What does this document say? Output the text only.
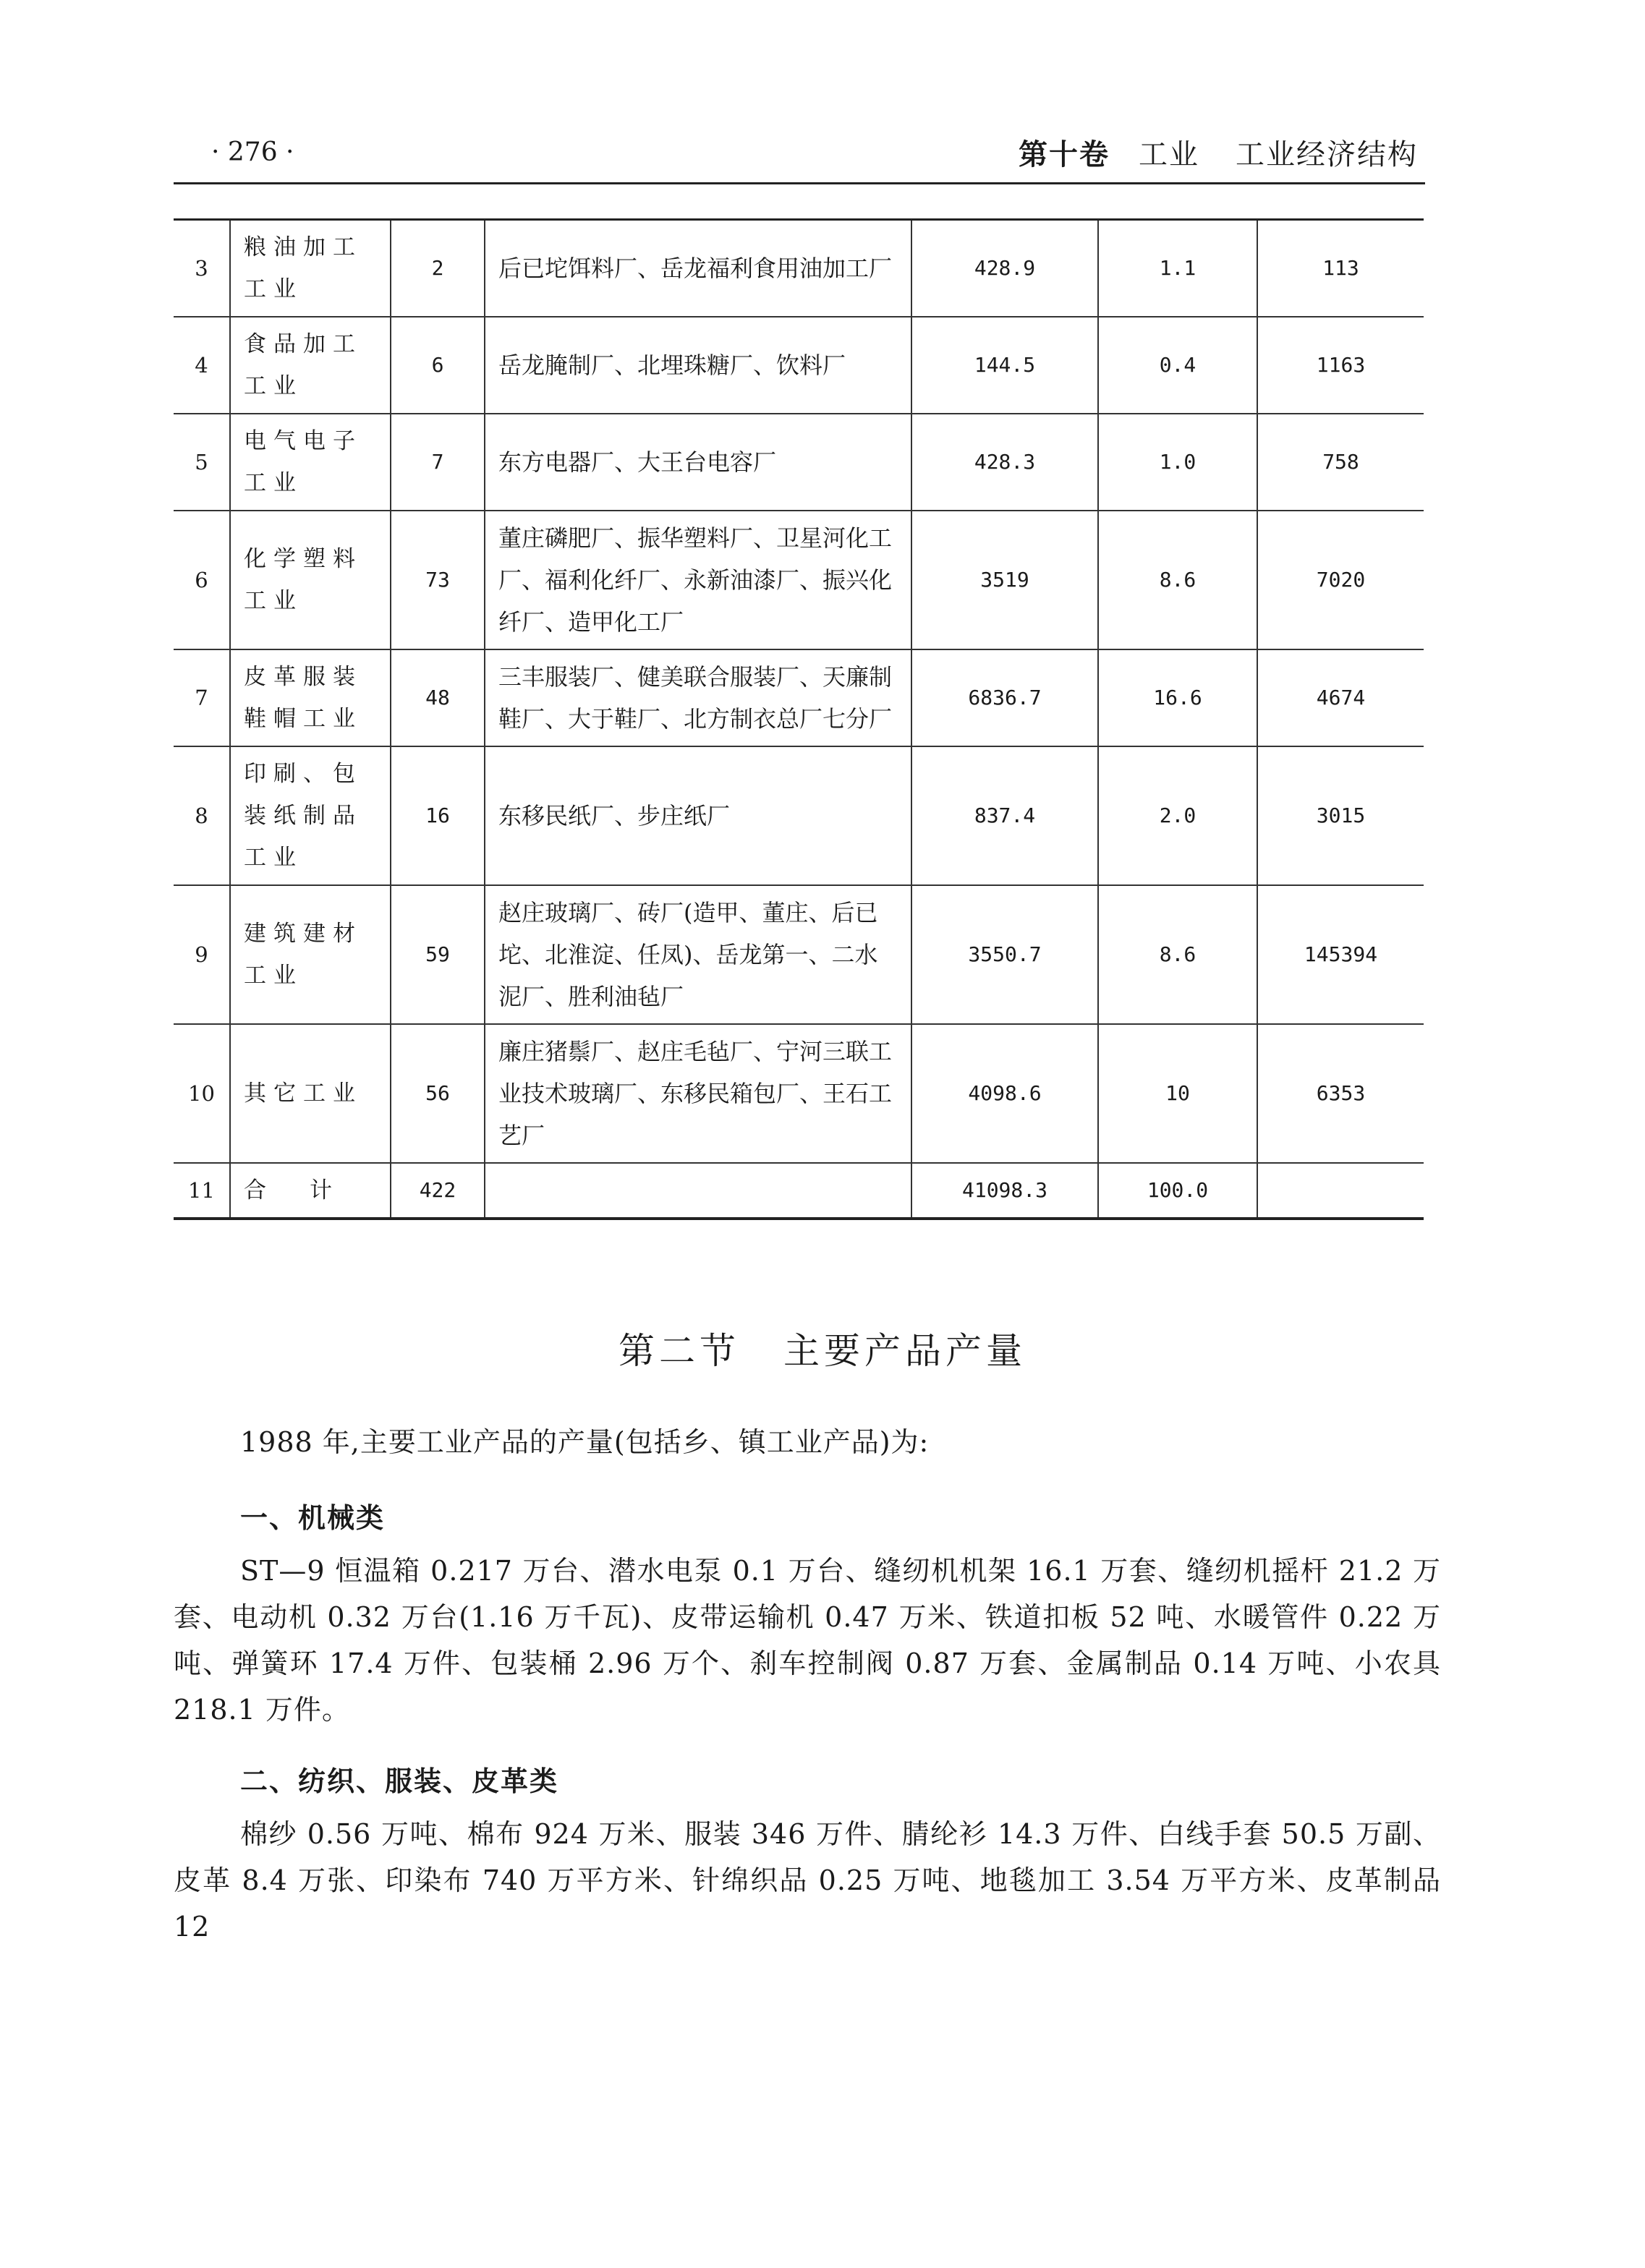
· 276 ·	第十卷 工业 工业经济结构
3	粮油加工工业	2	后已坨饵料厂、岳龙福利食用油加工厂	428.9	1.1	113
4	食品加工工业	6	岳龙腌制厂、北埋珠糖厂、饮料厂	144.5	0.4	1163
5	电气电子工业	7	东方电器厂、大王台电容厂	428.3	1.0	758
6	化学塑料工业	73	董庄磷肥厂、振华塑料厂、卫星河化工厂、福利化纤厂、永新油漆厂、振兴化纤厂、造甲化工厂	3519	8.6	7020
7	皮革服装鞋帽工业	48	三丰服装厂、健美联合服装厂、天廉制鞋厂、大于鞋厂、北方制衣总厂七分厂	6836.7	16.6	4674
8	印刷、包装纸制品工业	16	东移民纸厂、步庄纸厂	837.4	2.0	3015
9	建筑建材工业	59	赵庄玻璃厂、砖厂(造甲、董庄、后已坨、北淮淀、任凤)、岳龙第一、二水泥厂、胜利油毡厂	3550.7	8.6	145394
10	其它工业	56	廉庄猪鬃厂、赵庄毛毡厂、宁河三联工业技术玻璃厂、东移民箱包厂、王石工艺厂	4098.6	10	6353
11	合计	422		41098.3	100.0	
第二节 主要产品产量
1988 年,主要工业产品的产量(包括乡、镇工业产品)为:
一、机械类
ST—9 恒温箱 0.217 万台、潜水电泵 0.1 万台、缝纫机机架 16.1 万套、缝纫机摇杆 21.2 万套、电动机 0.32 万台(1.16 万千瓦)、皮带运输机 0.47 万米、铁道扣板 52 吨、水暖管件 0.22 万吨、弹簧环 17.4 万件、包装桶 2.96 万个、刹车控制阀 0.87 万套、金属制品 0.14 万吨、小农具 218.1 万件。
二、纺织、服装、皮革类
棉纱 0.56 万吨、棉布 924 万米、服装 346 万件、腈纶衫 14.3 万件、白线手套 50.5 万副、皮革 8.4 万张、印染布 740 万平方米、针绵织品 0.25 万吨、地毯加工 3.54 万平方米、皮革制品 12
